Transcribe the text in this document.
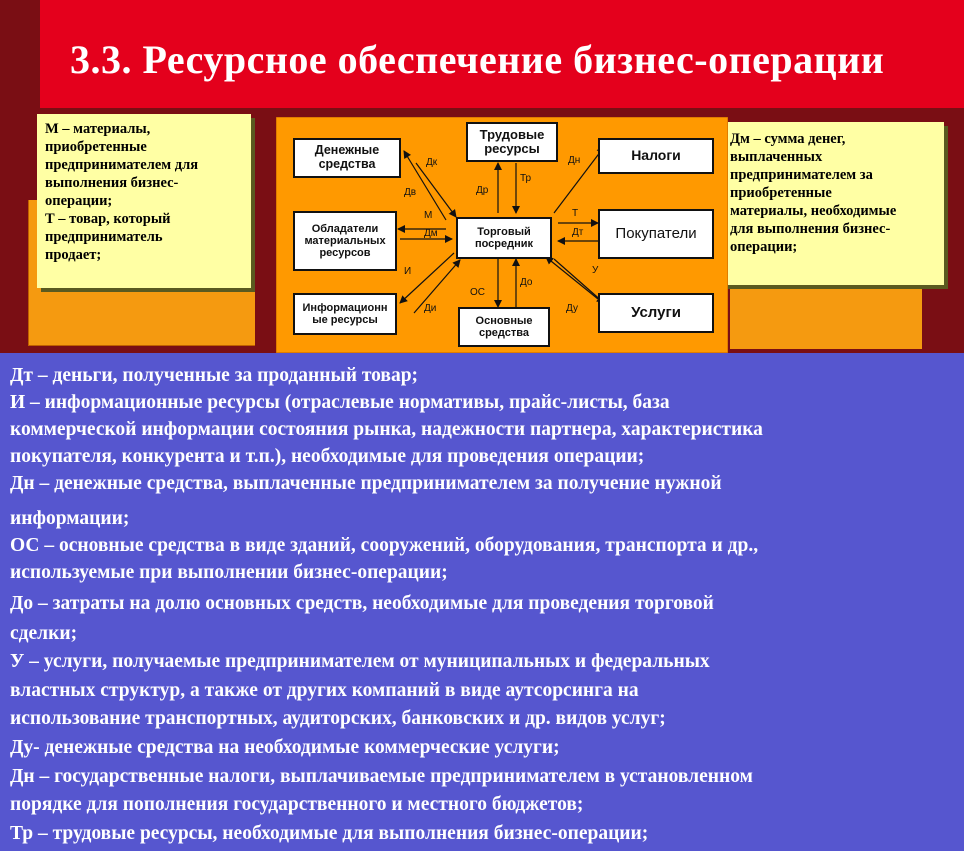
3.3. Ресурсное обеспечение бизнес-операции
М – материалы,
приобретенные
предпринимателем для
выполнения бизнес-
операции;
Т – товар, который
предприниматель
продает;
Дм – сумма денег,
выплаченных
предпринимателем за
приобретенные
материалы, необходимые
для выполнения бизнес-
операции;
Денежные
средства
Обладатели
материальных
ресурсов
Информационн
ые ресурсы
Трудовые
ресурсы
Торговый
посредник
Основные
средства
Налоги
Покупатели
Услуги
Дк
Дв
М
Дм
И
Ди
Др
Тр
Дн
Т
Дт
ОС
До
У
Ду

Дт – деньги, полученные за проданный товар;

И – информационные ресурсы (отраслевые нормативы, прайс-листы, база

коммерческой информации состояния рынка, надежности партнера, характеристика

покупателя, конкурента и т.п.), необходимые для проведения операции;

Дн – денежные средства, выплаченные предпринимателем за получение нужной

информации;

ОС – основные средства в виде зданий, сооружений, оборудования, транспорта и др.,

используемые при выполнении бизнес-операции;

До – затраты на долю основных средств, необходимые для проведения торговой

сделки;

У – услуги, получаемые предпринимателем от муниципальных и федеральных

властных структур, а также от других компаний в виде аутсорсинга на

использование транспортных, аудиторских, банковских и др. видов услуг;

Ду- денежные средства на необходимые коммерческие услуги;

Дн – государственные налоги, выплачиваемые предпринимателем в установленном

порядке для пополнения государственного и местного бюджетов;

Тр – трудовые ресурсы, необходимые для выполнения бизнес-операции;
